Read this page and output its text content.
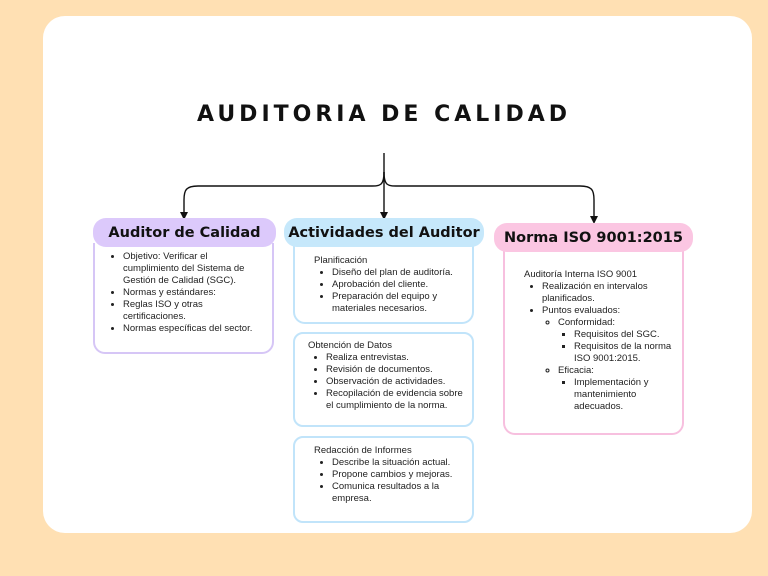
AUDITORIA DE CALIDAD
• Objetivo: Verificar el cumplimiento del Sistema de Gestión de Calidad (SGC).
• Normas y estándares:
• Reglas ISO y otras certificaciones.
• Normas específicas del sector.
Auditor de Calidad
Planificación
• Diseño del plan de auditoría.
• Aprobación del cliente.
• Preparación del equipo y materiales necesarios.
Actividades del Auditor
Obtención de Datos
• Realiza entrevistas.
• Revisión de documentos.
• Observación de actividades.
• Recopilación de evidencia sobre el cumplimiento de la norma.
Redacción de Informes
• Describe la situación actual.
• Propone cambios y mejoras.
• Comunica resultados a la empresa.
Auditoría Interna ISO 9001
• Realización en intervalos planificados.
• Puntos evaluados:
◦ Conformidad:
▪ Requisitos del SGC.
▪ Requisitos de la norma ISO 9001:2015.
◦ Eficacia:
▪ Implementación y mantenimiento adecuados.
Norma ISO 9001:2015
